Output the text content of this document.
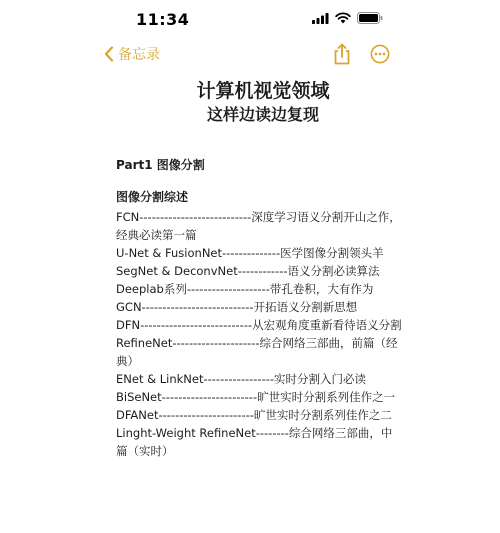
11:34
备忘录
计算机视觉领域
这样边读边复现
Part1 图像分割
图像分割综述
FCN---------------------------深度学习语义分割开山之作，经典必读第一篇
U-Net & FusionNet--------------医学图像分割领头羊
SegNet & DeconvNet------------语义分割必读算法
Deeplab系列--------------------带孔卷积，大有作为
GCN---------------------------开拓语义分割新思想
DFN---------------------------从宏观角度重新看待语义分割
RefineNet---------------------综合网络三部曲，前篇（经典）
ENet & LinkNet-----------------实时分割入门必读
BiSeNet-----------------------旷世实时分割系列佳作之一
DFANet-----------------------旷世实时分割系列佳作之二
Linght-Weight RefineNet--------综合网络三部曲，中篇（实时）
